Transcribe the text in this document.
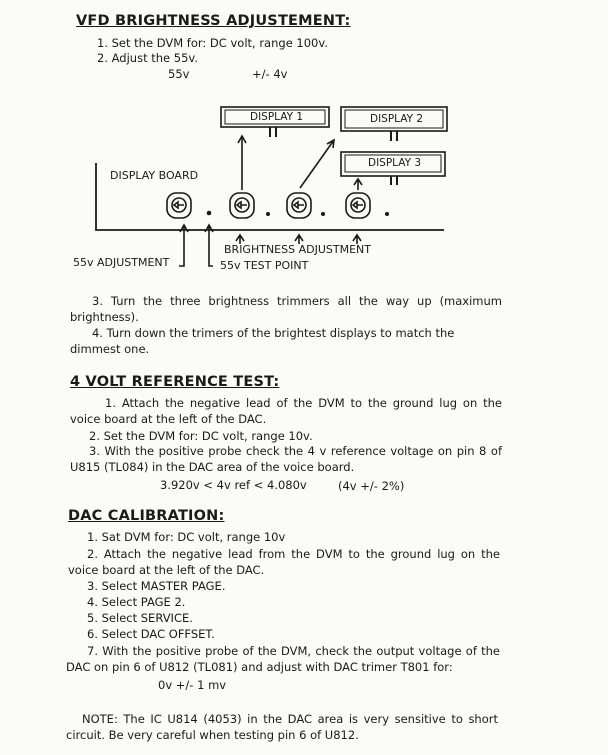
VFD BRIGHTNESS ADJUSTEMENT:
1. Set the DVM for: DC volt, range 100v.
2. Adjust the 55v.
55v	+/- 4v
DISPLAY 1	DISPLAY 2
DISPLAY 3
DISPLAY BOARD
BRIGHTNESS ADJUSTMENT
55v ADJUSTMENT	55v TEST POINT
3. Turn the three brightness trimmers all the way up (maximum brightness).
4. Turn down the trimers of the brightest displays to match the dimmest one.
4 VOLT REFERENCE TEST:
1. Attach the negative lead of the DVM to the ground lug on the voice board at the left of the DAC.
2. Set the DVM for: DC volt, range 10v.
3. With the positive probe check the 4 v reference voltage on pin 8 of U815 (TL084) in the DAC area of the voice board.
3.920v < 4v ref < 4.080v	(4v +/- 2%)
DAC CALIBRATION:
1. Sat DVM for: DC volt, range 10v
2. Attach the negative lead from the DVM to the ground lug on the voice board at the left of the DAC.
3. Select MASTER PAGE.
4. Select PAGE 2.
5. Select SERVICE.
6. Select DAC OFFSET.
7. With the positive probe of the DVM, check the output voltage of the DAC on pin 6 of U812 (TL081) and adjust with DAC trimer T801 for:
0v +/- 1 mv
NOTE: The IC U814 (4053) in the DAC area is very sensitive to short circuit. Be very careful when testing pin 6 of U812.
